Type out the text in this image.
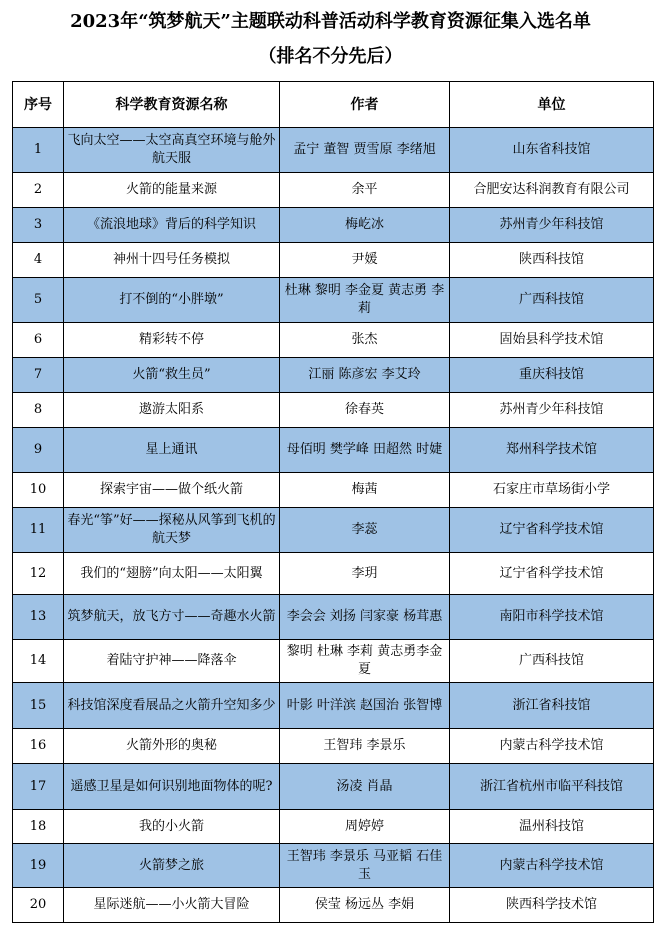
2023年“筑梦航天”主题联动科普活动科学教育资源征集入选名单
（排名不分先后）
序号	科学教育资源名称	作者	单位
1	飞向太空——太空高真空环境与舱外航天服	孟宁 董智 贾雪原 李绪旭	山东省科技馆
2	火箭的能量来源	余平	合肥安达科润教育有限公司
3	《流浪地球》背后的科学知识	梅屹冰	苏州青少年科技馆
4	神州十四号任务模拟	尹媛	陕西科技馆
5	打不倒的“小胖墩”	杜琳 黎明 李金夏 黄志勇 李莉	广西科技馆
6	精彩转不停	张杰	固始县科学技术馆
7	火箭“救生员”	江丽 陈彦宏 李艾玲	重庆科技馆
8	遨游太阳系	徐春英	苏州青少年科技馆
9	星上通讯	母佰明 樊学峰 田超然 时婕	郑州科学技术馆
10	探索宇宙——做个纸火箭	梅茜	石家庄市草场街小学
11	春光“筝”好——探秘从风筝到飞机的航天梦	李蕊	辽宁省科学技术馆
12	我们的“翅膀”向太阳——太阳翼	李玥	辽宁省科学技术馆
13	筑梦航天，放飞方寸——奇趣水火箭	李会会 刘扬 闫家豪 杨茸惠	南阳市科学技术馆
14	着陆守护神——降落伞	黎明 杜琳 李莉 黄志勇李金夏	广西科技馆
15	科技馆深度看展品之火箭升空知多少	叶影 叶洋滨 赵国治 张智博	浙江省科技馆
16	火箭外形的奥秘	王智玮 李景乐	内蒙古科学技术馆
17	遥感卫星是如何识别地面物体的呢?	汤凌 肖晶	浙江省杭州市临平科技馆
18	我的小火箭	周婷婷	温州科技馆
19	火箭梦之旅	王智玮 李景乐 马亚韬 石佳玉	内蒙古科学技术馆
20	星际迷航——小火箭大冒险	侯莹 杨远丛 李娟	陕西科学技术馆
